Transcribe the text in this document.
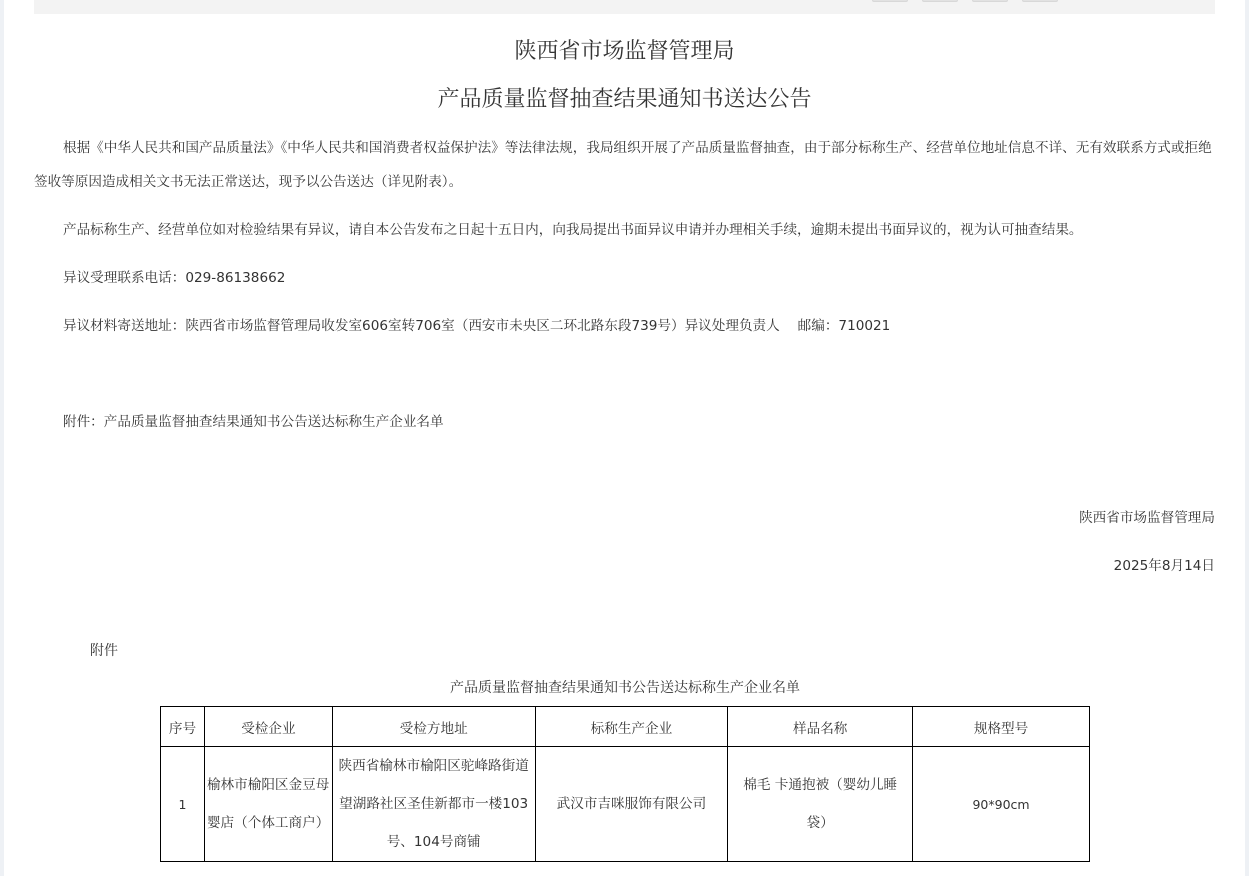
陕西省市场监督管理局
产品质量监督抽查结果通知书送达公告
根据《中华人民共和国产品质量法》《中华人民共和国消费者权益保护法》等法律法规，我局组织开展了产品质量监督抽查，由于部分标称生产、经营单位地址信息不详、无有效联系方式或拒绝签收等原因造成相关文书无法正常送达，现予以公告送达（详见附表）。
产品标称生产、经营单位如对检验结果有异议，请自本公告发布之日起十五日内，向我局提出书面异议申请并办理相关手续，逾期未提出书面异议的，视为认可抽查结果。
异议受理联系电话：029-86138662
异议材料寄送地址：陕西省市场监督管理局收发室606室转706室（西安市未央区二环北路东段739号）异议处理负责人　 邮编：710021
附件：产品质量监督抽查结果通知书公告送达标称生产企业名单
陕西省市场监督管理局
2025年8月14日
附件
产品质量监督抽查结果通知书公告送达标称生产企业名单
序号	受检企业	受检方地址	标称生产企业	样品名称	规格型号
1	榆林市榆阳区金豆母婴店（个体工商户）	陕西省榆林市榆阳区驼峰路街道望湖路社区圣佳新都市一楼103号、104号商铺	武汉市吉咪服饰有限公司	棉毛 卡通抱被（婴幼儿睡袋）	90*90cm
